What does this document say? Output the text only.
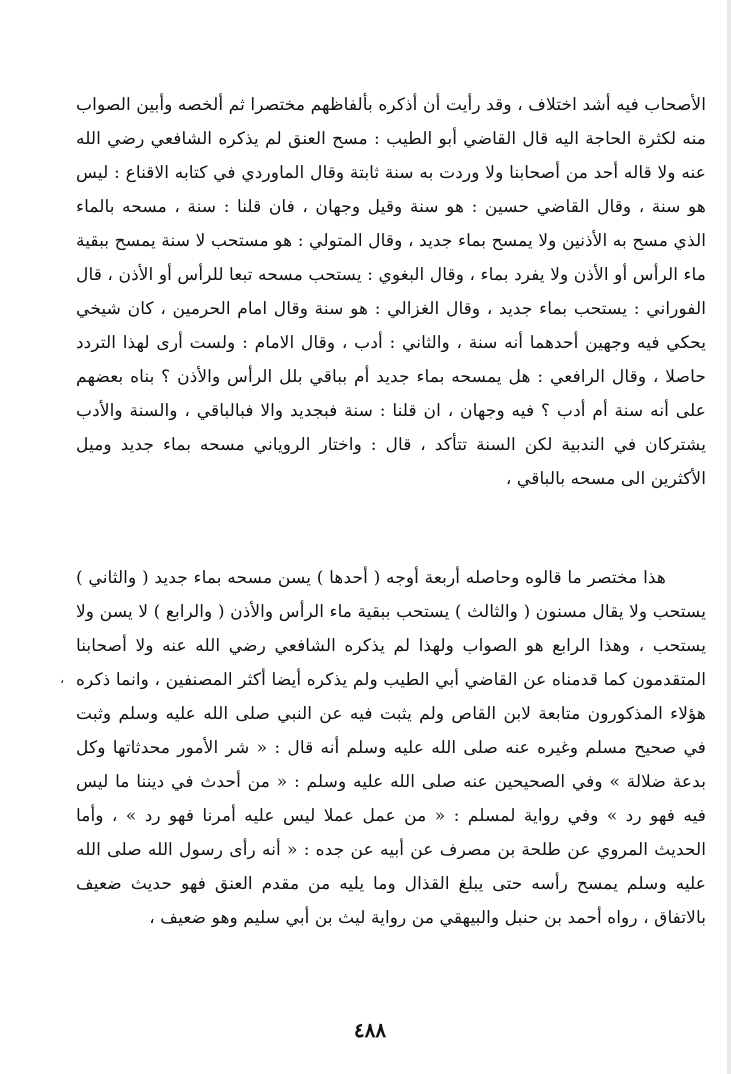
الأصحاب فيه أشد اختلاف ، وقد رأيت أن أذكره بألفاظهم مختصرا ثم ألخصه وأبين الصواب منه لكثرة الحاجة اليه قال القاضي أبو الطيب : مسح العنق لم يذكره الشافعي رضي الله عنه ولا قاله أحد من أصحابنا ولا وردت به سنة ثابتة وقال الماوردي في كتابه الاقناع : ليس هو سنة ، وقال القاضي حسين : هو سنة وقيل وجهان ، فان قلنا : سنة ، مسحه بالماء الذي مسح به الأذنين ولا يمسح بماء جديد ، وقال المتولي : هو مستحب لا سنة يمسح ببقية ماء الرأس أو الأذن ولا يفرد بماء ، وقال البغوي : يستحب مسحه تبعا للرأس أو الأذن ، قال الفوراني : يستحب بماء جديد ، وقال الغزالي : هو سنة وقال امام الحرمين ، كان شيخي يحكي فيه وجهين أحدهما أنه سنة ، والثاني : أدب ، وقال الامام : ولست أرى لهذا التردد حاصلا ، وقال الرافعي : هل يمسحه بماء جديد أم بباقي بلل الرأس والأذن ؟ بناه بعضهم على أنه سنة أم أدب ؟ فيه وجهان ، ان قلنا : سنة فبجديد والا فبالباقي ، والسنة والأدب يشتركان في الندبية لكن السنة تتأكد ، قال : واختار الروياني مسحه بماء جديد وميل الأكثرين الى مسحه بالباقي ،

هذا مختصر ما قالوه وحاصله أربعة أوجه ( أحدها ) يسن مسحه بماء جديد ( والثاني ) يستحب ولا يقال مسنون ( والثالث ) يستحب ببقية ماء الرأس والأذن ( والرابع ) لا يسن ولا يستحب ، وهذا الرابع هو الصواب ولهذا لم يذكره الشافعي رضي الله عنه ولا أصحابنا المتقدمون كما قدمناه عن القاضي أبي الطيب ولم يذكره أيضا أكثر المصنفين ، وانما ذكره هؤلاء المذكورون متابعة لابن القاص ولم يثبت فيه عن النبي صلى الله عليه وسلم وثبت في صحيح مسلم وغيره عنه صلى الله عليه وسلم أنه قال : « شر الأمور محدثاتها وكل بدعة ضلالة » وفي الصحيحين عنه صلى الله عليه وسلم : « من أحدث في ديننا ما ليس فيه فهو رد » وفي رواية لمسلم : « من عمل عملا ليس عليه أمرنا فهو رد » ، وأما الحديث المروي عن طلحة بن مصرف عن أبيه عن جده : « أنه رأى رسول الله صلى الله عليه وسلم يمسح رأسه حتى يبلغ القذال وما يليه من مقدم العنق فهو حديث ضعيف بالاتفاق ، رواه أحمد بن حنبل والبيهقي من رواية ليث بن أبي سليم وهو ضعيف ،

،
٤٨٨
